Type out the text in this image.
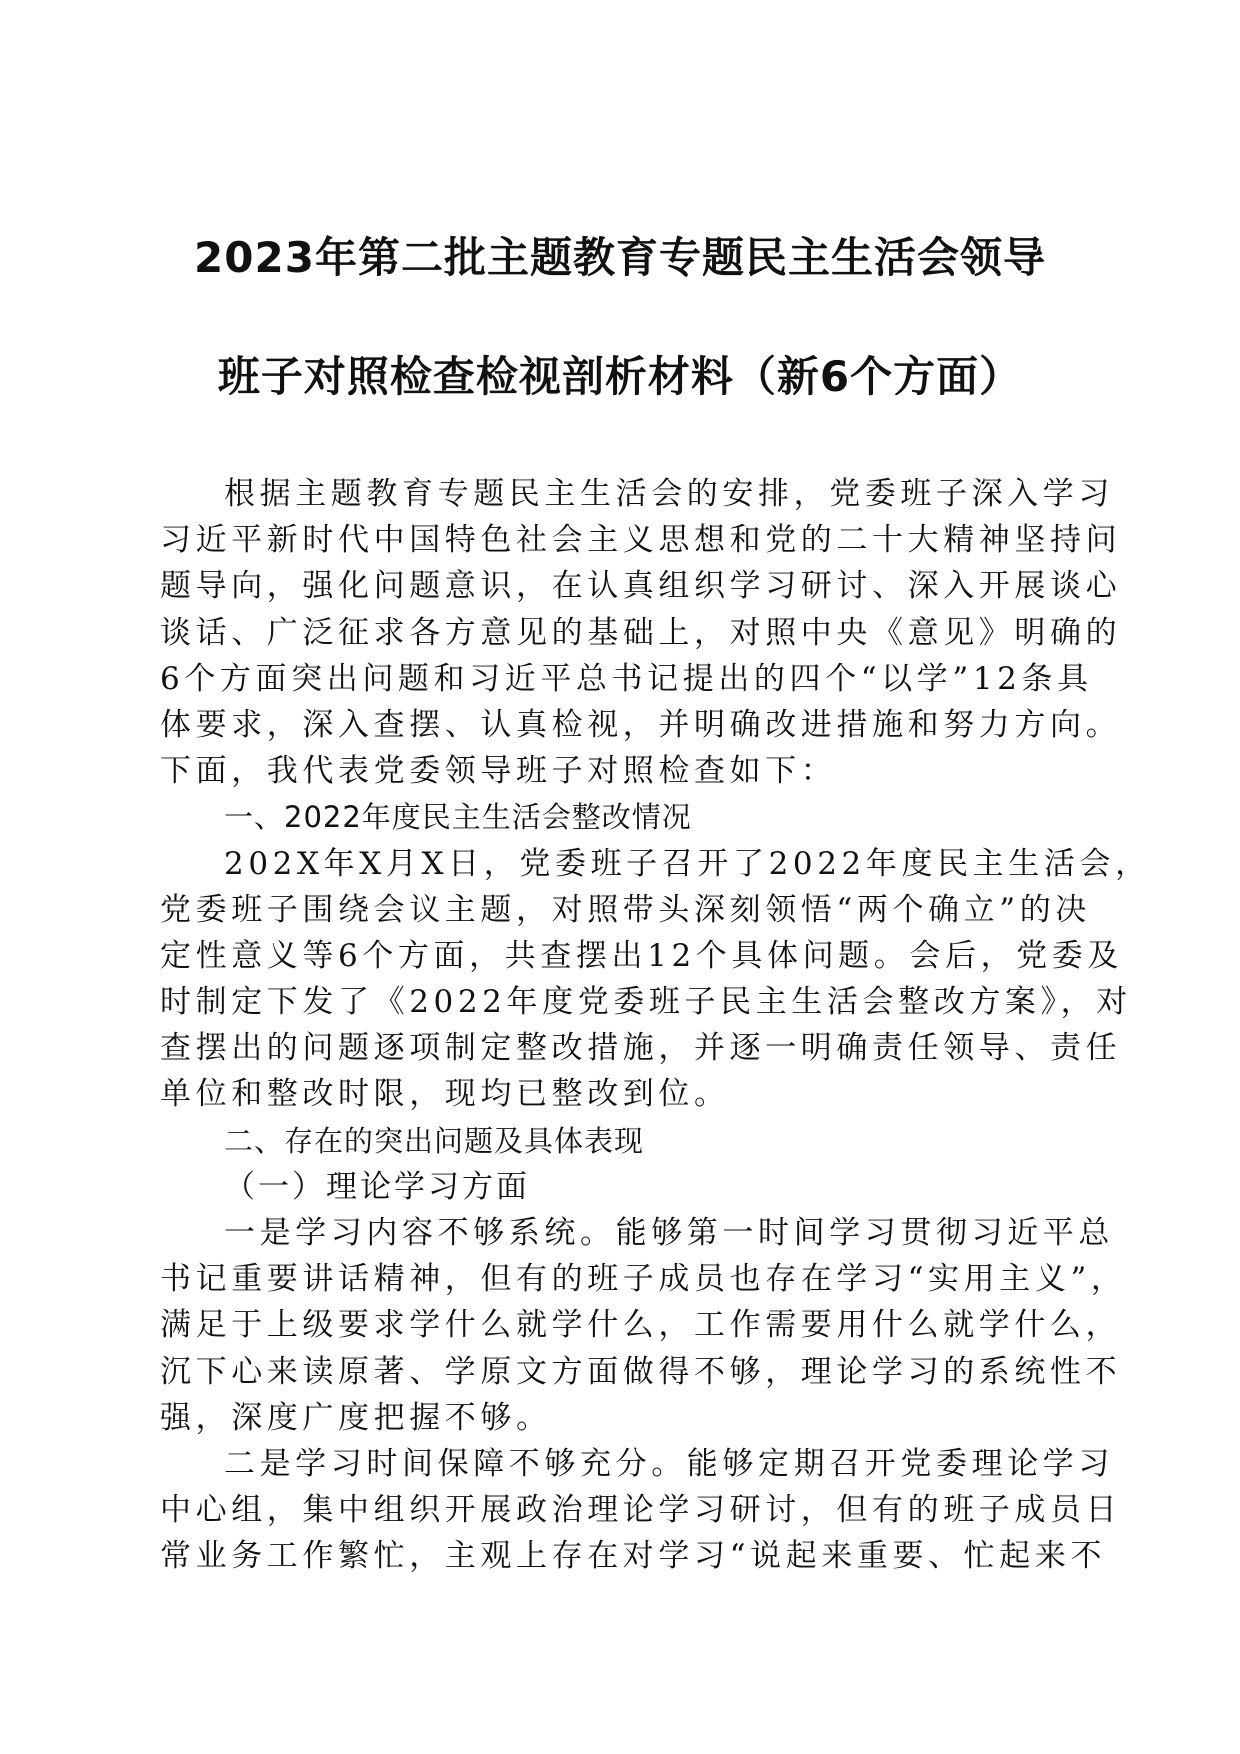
2023年第二批主题教育专题民主生活会领导
班子对照检查检视剖析材料（新6个方面）
根据主题教育专题民主生活会的安排，党委班子深入学习
习近平新时代中国特色社会主义思想和党的二十大精神坚持问
题导向，强化问题意识，在认真组织学习研讨、深入开展谈心
谈话、广泛征求各方意见的基础上，对照中央《意见》明确的
6个方面突出问题和习近平总书记提出的四个“以学”12条具
体要求，深入查摆、认真检视，并明确改进措施和努力方向。
下面，我代表党委领导班子对照检查如下：
一、2022年度民主生活会整改情况
202X年X月X日，党委班子召开了2022年度民主生活会，
党委班子围绕会议主题，对照带头深刻领悟“两个确立”的决
定性意义等6个方面，共查摆出12个具体问题。会后，党委及
时制定下发了《2022年度党委班子民主生活会整改方案》，对
查摆出的问题逐项制定整改措施，并逐一明确责任领导、责任
单位和整改时限，现均已整改到位。
二、存在的突出问题及具体表现
（一）理论学习方面
一是学习内容不够系统。能够第一时间学习贯彻习近平总
书记重要讲话精神，但有的班子成员也存在学习“实用主义”，
满足于上级要求学什么就学什么，工作需要用什么就学什么，
沉下心来读原著、学原文方面做得不够，理论学习的系统性不
强，深度广度把握不够。
二是学习时间保障不够充分。能够定期召开党委理论学习
中心组，集中组织开展政治理论学习研讨，但有的班子成员日
常业务工作繁忙，主观上存在对学习“说起来重要、忙起来不
